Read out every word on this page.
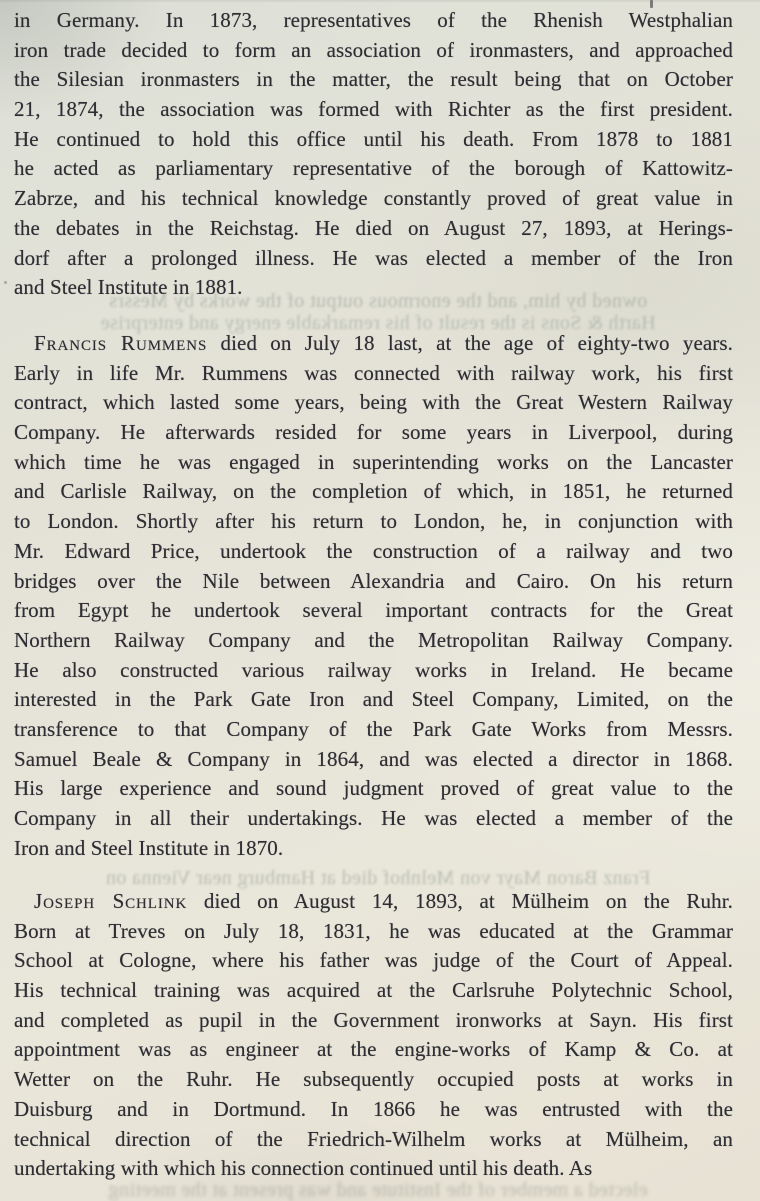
in Germany. In 1873, representatives of the Rhenish Westphalian
iron trade decided to form an association of ironmasters, and approached
the Silesian ironmasters in the matter, the result being that on October
21, 1874, the association was formed with Richter as the first president.
He continued to hold this office until his death. From 1878 to 1881
he acted as parliamentary representative of the borough of Kattowitz-
Zabrze, and his technical knowledge constantly proved of great value in
the debates in the Reichstag. He died on August 27, 1893, at Herings-
dorf after a prolonged illness. He was elected a member of the Iron
and Steel Institute in 1881.
Francis Rummens died on July 18 last, at the age of eighty-two years.
Early in life Mr. Rummens was connected with railway work, his first
contract, which lasted some years, being with the Great Western Railway
Company. He afterwards resided for some years in Liverpool, during
which time he was engaged in superintending works on the Lancaster
and Carlisle Railway, on the completion of which, in 1851, he returned
to London. Shortly after his return to London, he, in conjunction with
Mr. Edward Price, undertook the construction of a railway and two
bridges over the Nile between Alexandria and Cairo. On his return
from Egypt he undertook several important contracts for the Great
Northern Railway Company and the Metropolitan Railway Company.
He also constructed various railway works in Ireland. He became
interested in the Park Gate Iron and Steel Company, Limited, on the
transference to that Company of the Park Gate Works from Messrs.
Samuel Beale & Company in 1864, and was elected a director in 1868.
His large experience and sound judgment proved of great value to the
Company in all their undertakings. He was elected a member of the
Iron and Steel Institute in 1870.
Joseph Schlink died on August 14, 1893, at Mülheim on the Ruhr.
Born at Treves on July 18, 1831, he was educated at the Grammar
School at Cologne, where his father was judge of the Court of Appeal.
His technical training was acquired at the Carlsruhe Polytechnic School,
and completed as pupil in the Government ironworks at Sayn. His first
appointment was as engineer at the engine-works of Kamp & Co. at
Wetter on the Ruhr. He subsequently occupied posts at works in
Duisburg and in Dortmund. In 1866 he was entrusted with the
technical direction of the Friedrich-Wilhelm works at Mülheim, an
undertaking with which his connection continued until his death. As
owned by him, and the enormous output of the works by Messrs
Harth & Sons is the result of his remarkable energy and enterprise
Franz Baron Mayr von Melnhof died at Hamburg near Vienna on
elected a member of the Institute and was present at the meeting
